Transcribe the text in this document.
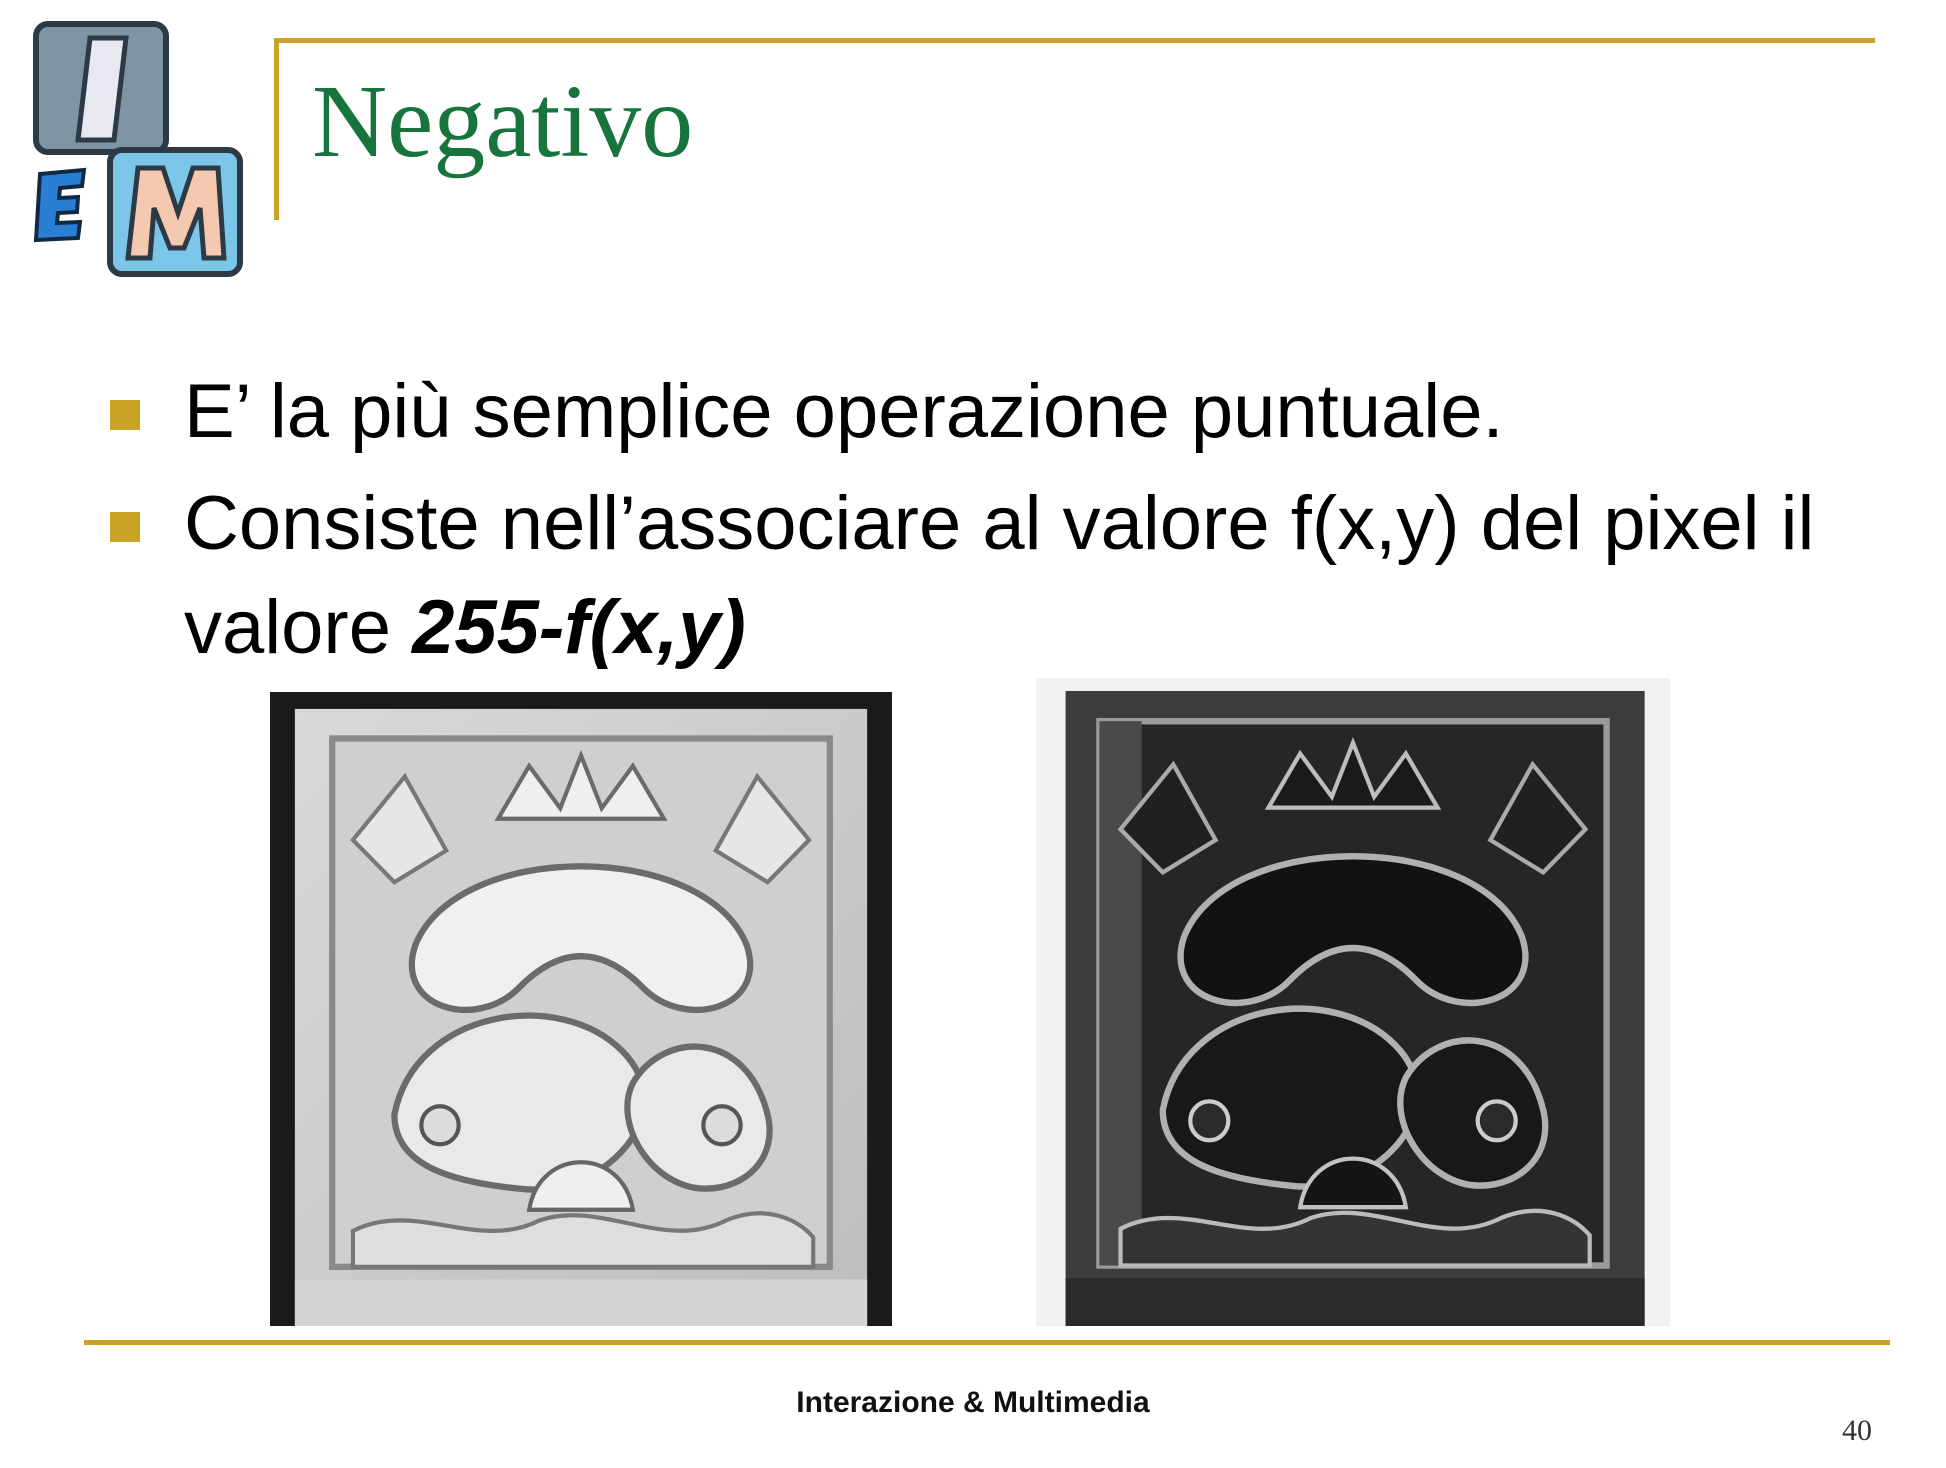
Negativo
E’ la più semplice operazione puntuale.
Consiste nell’associare al valore f(x,y) del pixel il valore 255-f(x,y)
Interazione & Multimedia
40
